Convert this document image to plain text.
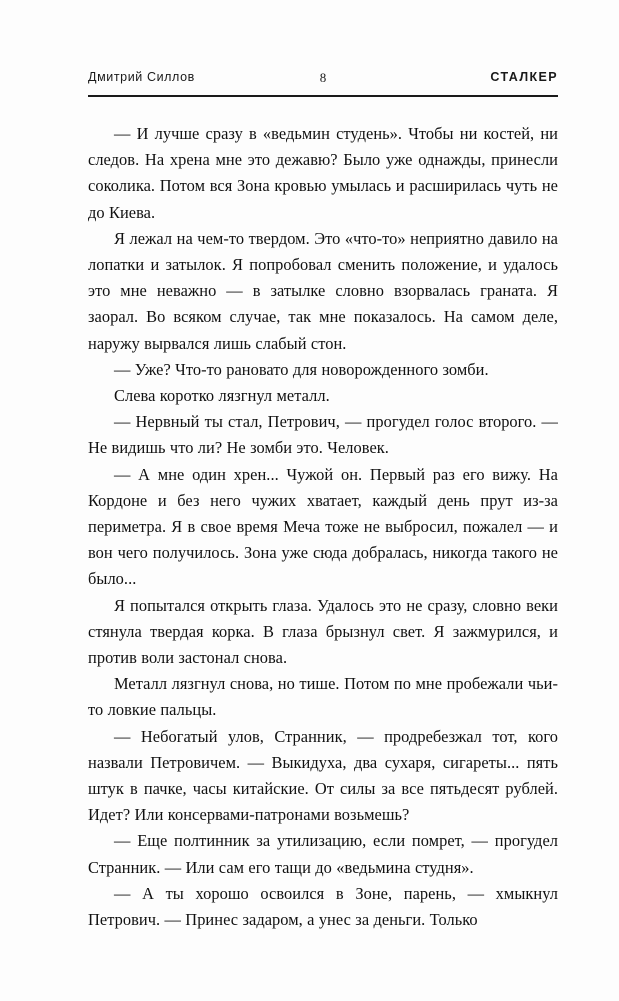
Дмитрий Силлов	8	СТАЛКЕР

— И лучше сразу в «ведьмин студень». Чтобы ни костей, ни следов. На хрена мне это дежавю? Было уже однажды, принесли соколика. Потом вся Зона кровью умылась и расширилась чуть не до Киева.

Я лежал на чем-то твердом. Это «что-то» неприятно давило на лопатки и затылок. Я попробовал сменить положение, и удалось это мне неважно — в затылке словно взорвалась граната. Я заорал. Во всяком случае, так мне показалось. На самом деле, наружу вырвался лишь слабый стон.

— Уже? Что-то рановато для новорожденного зомби.

Слева коротко лязгнул металл.

— Нервный ты стал, Петрович, — прогудел голос второго. — Не видишь что ли? Не зомби это. Человек.

— А мне один хрен... Чужой он. Первый раз его вижу. На Кордоне и без него чужих хватает, каждый день прут из-за периметра. Я в свое время Меча тоже не выбросил, пожалел — и вон чего получилось. Зона уже сюда добралась, никогда такого не было...

Я попытался открыть глаза. Удалось это не сразу, словно веки стянула твердая корка. В глаза брызнул свет. Я зажмурился, и против воли застонал снова.

Металл лязгнул снова, но тише. Потом по мне пробежали чьи-то ловкие пальцы.

— Небогатый улов, Странник, — продребезжал тот, кого назвали Петровичем. — Выкидуха, два сухаря, сигареты... пять штук в пачке, часы китайские. От силы за все пятьдесят рублей. Идет? Или консервами-патронами возьмешь?

— Еще полтинник за утилизацию, если помрет, — прогудел Странник. — Или сам его тащи до «ведьмина студня».

— А ты хорошо освоился в Зоне, парень, — хмыкнул Петрович. — Принес задаром, а унес за деньги. Только
